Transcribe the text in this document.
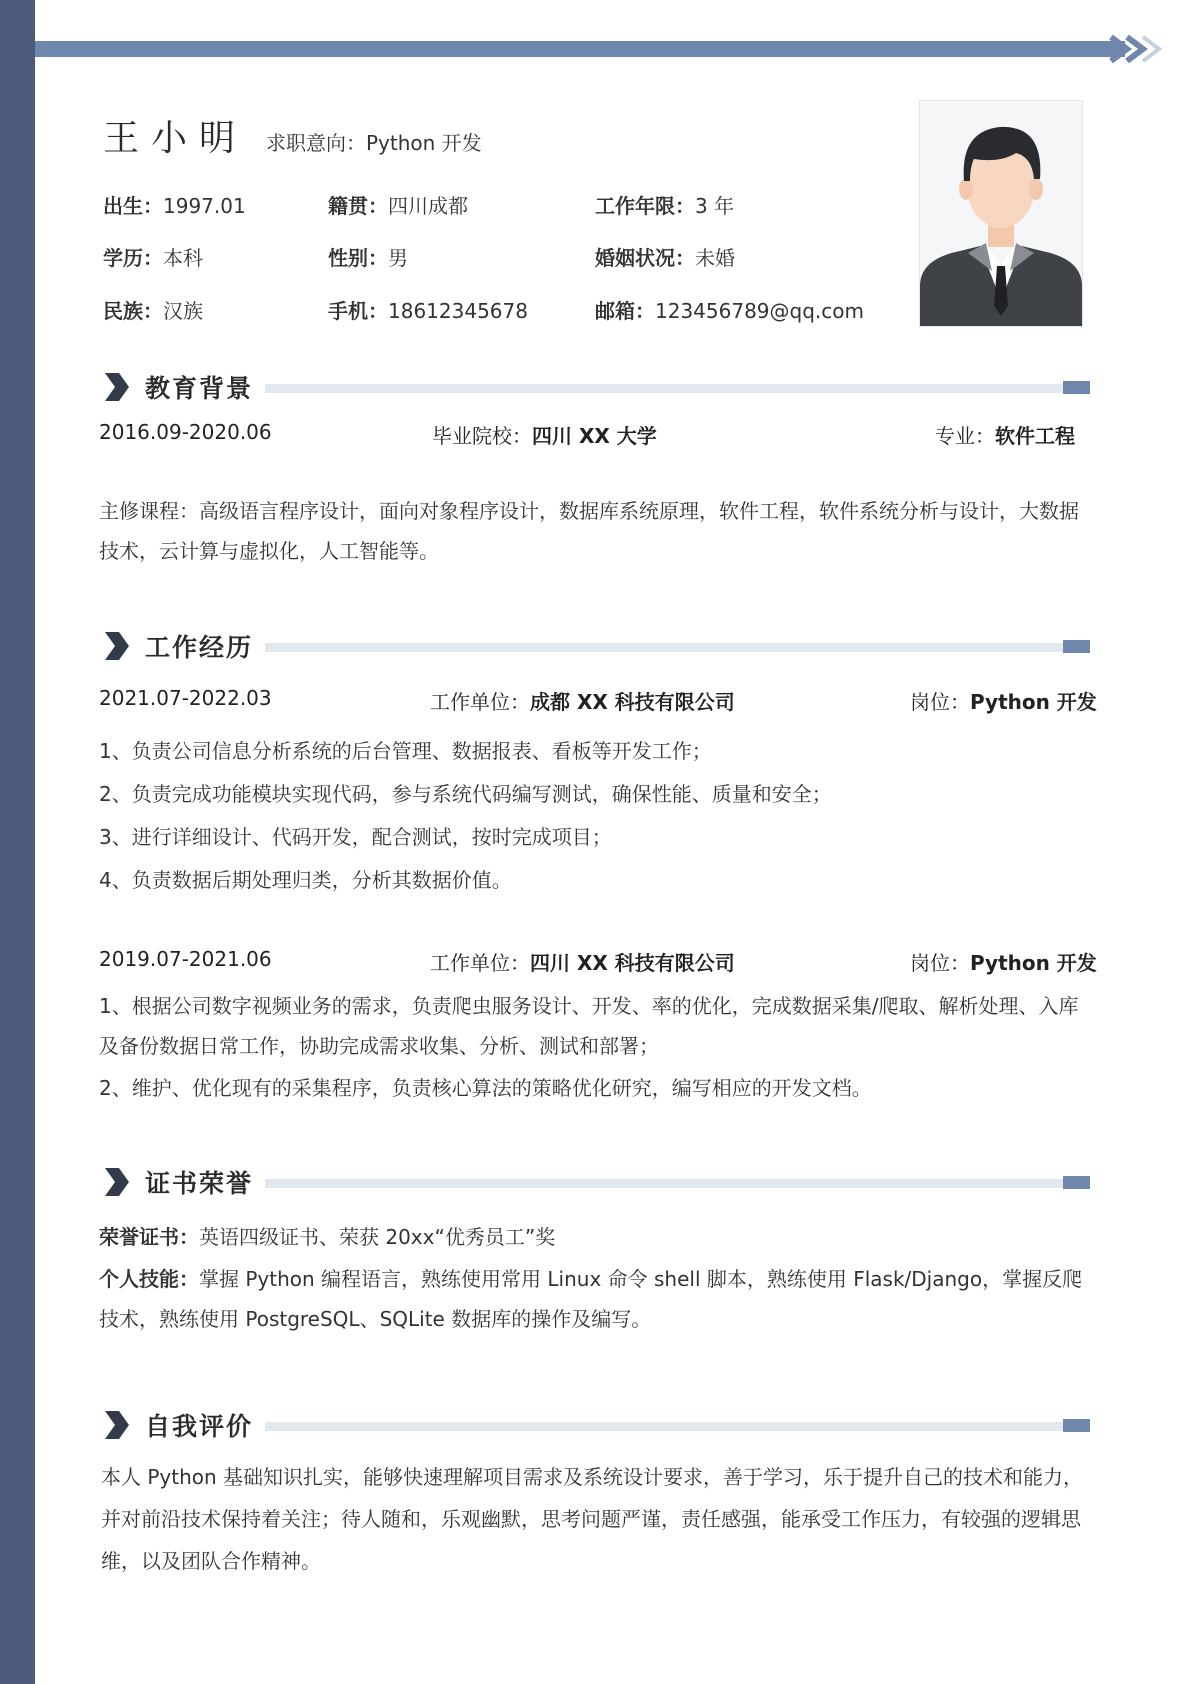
王小明 求职意向：Python 开发
出生：1997.01	籍贯：四川成都	工作年限：3 年
学历：本科	性别：男	婚姻状况：未婚
民族：汉族	手机：18612345678	邮箱：123456789@qq.com
教育背景
2016.09-2020.06	毕业院校：四川 XX 大学	专业：软件工程
主修课程：高级语言程序设计，面向对象程序设计，数据库系统原理，软件工程，软件系统分析与设计，大数据技术，云计算与虚拟化，人工智能等。
工作经历
2021.07-2022.03	工作单位：成都 XX 科技有限公司	岗位：Python 开发
1、负责公司信息分析系统的后台管理、数据报表、看板等开发工作；
2、负责完成功能模块实现代码，参与系统代码编写测试，确保性能、质量和安全；
3、进行详细设计、代码开发，配合测试，按时完成项目；
4、负责数据后期处理归类，分析其数据价值。
2019.07-2021.06	工作单位：四川 XX 科技有限公司	岗位：Python 开发
1、根据公司数字视频业务的需求，负责爬虫服务设计、开发、率的优化，完成数据采集/爬取、解析处理、入库及备份数据日常工作，协助完成需求收集、分析、测试和部署；
2、维护、优化现有的采集程序，负责核心算法的策略优化研究，编写相应的开发文档。
证书荣誉
荣誉证书：英语四级证书、荣获 20xx“优秀员工”奖
个人技能：掌握 Python 编程语言，熟练使用常用 Linux 命令 shell 脚本，熟练使用 Flask/Django，掌握反爬技术，熟练使用 PostgreSQL、SQLite 数据库的操作及编写。
自我评价
本人 Python 基础知识扎实，能够快速理解项目需求及系统设计要求，善于学习，乐于提升自己的技术和能力，并对前沿技术保持着关注；待人随和，乐观幽默，思考问题严谨，责任感强，能承受工作压力，有较强的逻辑思维，以及团队合作精神。
